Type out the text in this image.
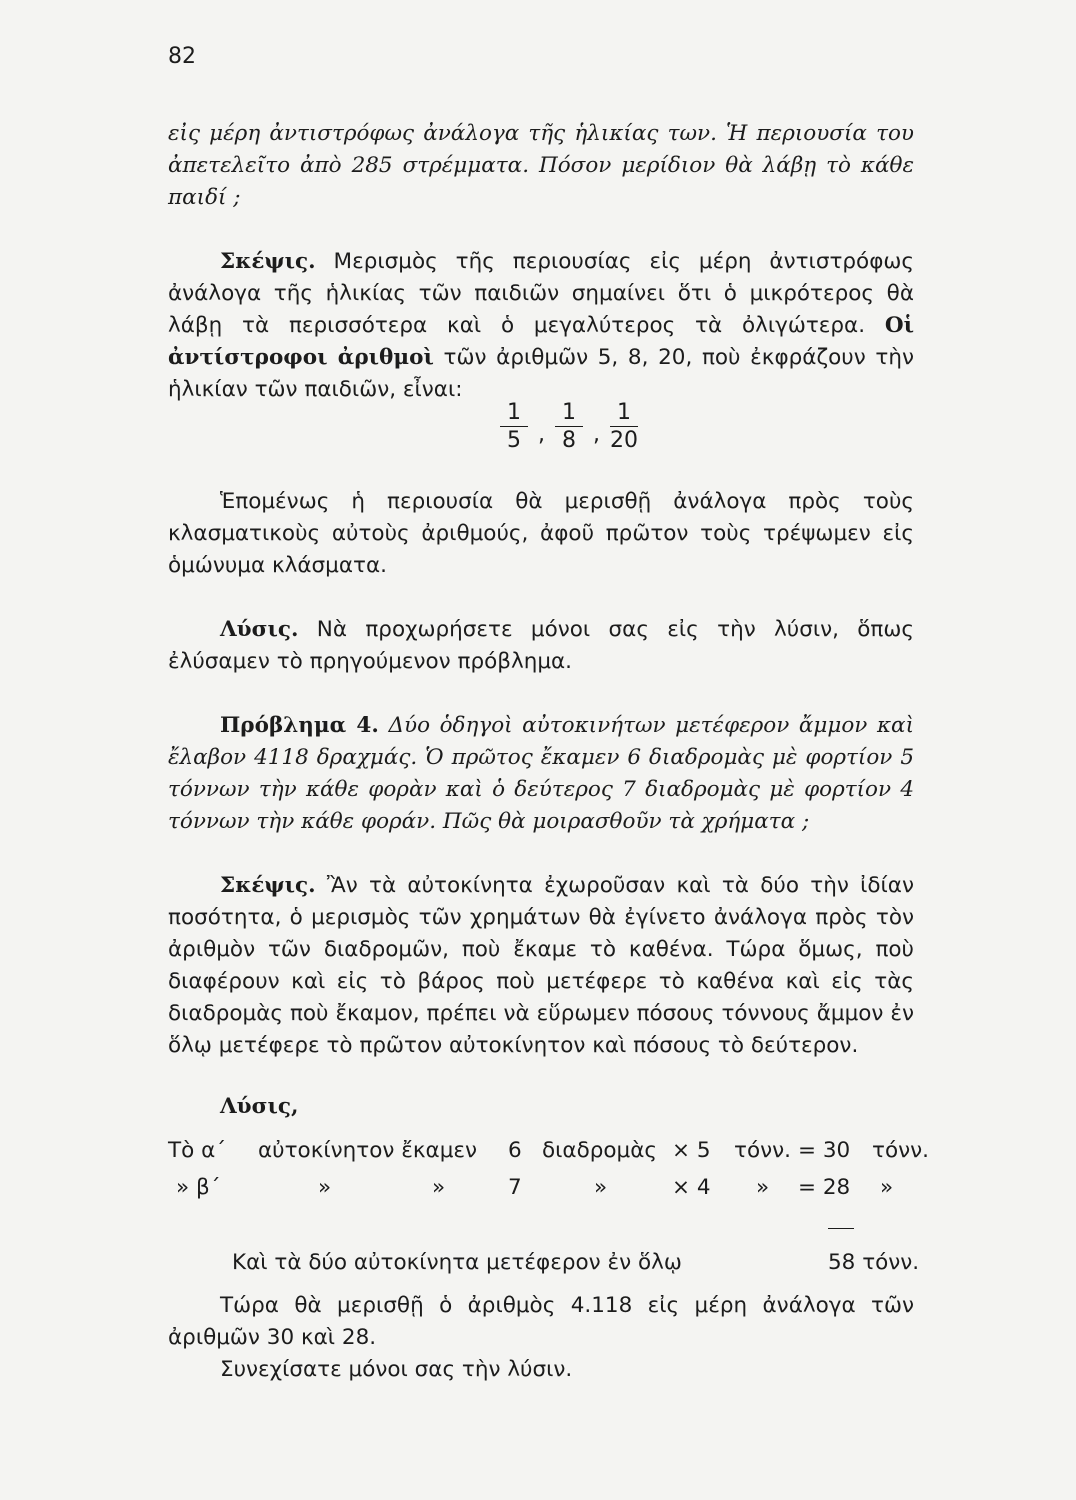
82

εἰς μέρη ἀντιστρόφως ἀνάλογα τῆς ἡλικίας των. Ἡ περιουσία του ἀπετελεῖτο ἀπὸ 285 στρέμματα. Πόσον μερίδιον θὰ λάβῃ τὸ κάθε παιδί ;

Σκέψις. Μερισμὸς τῆς περιουσίας εἰς μέρη ἀντιστρόφως ἀνάλογα τῆς ἡλικίας τῶν παιδιῶν σημαίνει ὅτι ὁ μικρότερος θὰ λάβῃ τὰ περισσότερα καὶ ὁ μεγαλύτερος τὰ ὀλιγώτερα. Οἱ ἀντίστροφοι ἀριθμοὶ τῶν ἀριθμῶν 5, 8, 20, ποὺ ἐκφράζουν τὴν ἡλικίαν τῶν παιδιῶν, εἶναι:

$\frac{1}{5}$ , $\frac{1}{8}$ , $\frac{1}{20}$

Ἑπομένως ἡ περιουσία θὰ μερισθῇ ἀνάλογα πρὸς τοὺς κλασματικοὺς αὐτοὺς ἀριθμούς, ἀφοῦ πρῶτον τοὺς τρέψωμεν εἰς ὁμώνυμα κλάσματα.

Λύσις. Νὰ προχωρήσετε μόνοι σας εἰς τὴν λύσιν, ὅπως ἐλύσαμεν τὸ πρηγούμενον πρόβλημα.

Πρόβλημα 4. Δύο ὁδηγοὶ αὐτοκινήτων μετέφερον ἄμμον καὶ ἔλαβον 4118 δραχμάς. Ὁ πρῶτος ἔκαμεν 6 διαδρομὰς μὲ φορτίον 5 τόννων τὴν κάθε φορὰν καὶ ὁ δεύτερος 7 διαδρομὰς μὲ φορτίον 4 τόννων τὴν κάθε φοράν. Πῶς θὰ μοιρασθοῦν τὰ χρήματα ;

Σκέψις. Ἂν τὰ αὐτοκίνητα ἐχωροῦσαν καὶ τὰ δύο τὴν ἰδίαν ποσότητα, ὁ μερισμὸς τῶν χρημάτων θὰ ἐγίνετο ἀνάλογα πρὸς τὸν ἀριθμὸν τῶν διαδρομῶν, ποὺ ἔκαμε τὸ καθένα. Τώρα ὅμως, ποὺ διαφέρουν καὶ εἰς τὸ βάρος ποὺ μετέφερε τὸ καθένα καὶ εἰς τὰς διαδρομὰς ποὺ ἔκαμον, πρέπει νὰ εὕρωμεν πόσους τόννους ἄμμον ἐν ὅλῳ μετέφερε τὸ πρῶτον αὐτοκίνητον καὶ πόσους τὸ δεύτερον.

Λύσις,
Τὸ α΄ αὐτοκίνητον ἔκαμεν 6 διαδρομὰς × 5 τόνν. = 30 τόνν.
» β΄	»	»	7	»	× 4 » = 28 »
Καὶ τὰ δύο αὐτοκίνητα μετέφερον ἐν ὅλῳ	58 τόνν.

Τώρα θὰ μερισθῇ ὁ ἀριθμὸς 4.118 εἰς μέρη ἀνάλογα τῶν ἀριθμῶν 30 καὶ 28.

Συνεχίσατε μόνοι σας τὴν λύσιν.
